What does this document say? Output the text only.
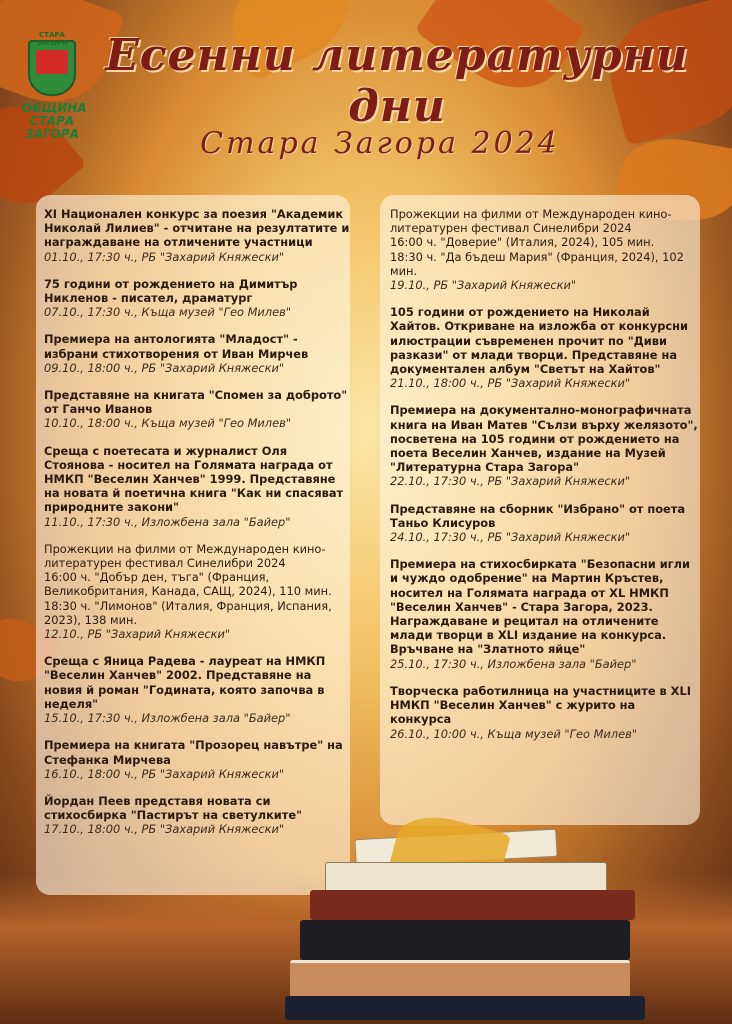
СТАРА ЗАГОРА
ОБЩИНА
СТАРА
ЗАГОРА
Есенни литературни дни
Стара Загора 2024
XI Национален конкурс за поезия "Академик Николай Лилиев" - отчитане на резултатите и награждаване на отличените участници
01.10., 17:30 ч., РБ "Захарий Княжески"
75 години от рождението на Димитър Никленов - писател, драматург
07.10., 17:30 ч., Къща музей "Гео Милев"
Премиера на антологията "Младост" - избрани стихотворения от Иван Мирчев
09.10., 18:00 ч., РБ "Захарий Княжески"
Представяне на книгата "Спомен за доброто" от Ганчо Иванов
10.10., 18:00 ч., Къща музей "Гео Милев"
Среща с поетесата и журналист Оля Стоянова - носител на Голямата награда от НМКП "Веселин Ханчев" 1999. Представяне на новата й поетична книга "Как ни спасяват природните закони"
11.10., 17:30 ч., Изложбена зала "Байер"
Прожекции на филми от Международен кино-литературен фестивал Синелибри 2024
16:00 ч. "Добър ден, тъга" (Франция, Великобритания, Канада, САЩ, 2024), 110 мин.
18:30 ч. "Лимонов" (Италия, Франция, Испания, 2023), 138 мин.
12.10., РБ "Захарий Княжески"
Среща с Яница Радева - лауреат на НМКП "Веселин Ханчев" 2002. Представяне на новия й роман "Годината, която започва в неделя"
15.10., 17:30 ч., Изложбена зала "Байер"
Премиера на книгата "Прозорец навътре" на Стефанка Мирчева
16.10., 18:00 ч., РБ "Захарий Княжески"
Йордан Пеев представя новата си стихосбирка "Пастирът на светулките"
17.10., 18:00 ч., РБ "Захарий Княжески"
Прожекции на филми от Международен кино-литературен фестивал Синелибри 2024
16:00 ч. "Доверие" (Италия, 2024), 105 мин.
18:30 ч. "Да бъдеш Мария" (Франция, 2024), 102 мин.
19.10., РБ "Захарий Княжески"
105 години от рождението на Николай Хайтов. Откриване на изложба от конкурсни илюстрации съвременен прочит по "Диви разкази" от млади творци. Представяне на документален албум "Светът на Хайтов"
21.10., 18:00 ч., РБ "Захарий Княжески"
Премиера на документално-монографичната книга на Иван Матев "Сълзи върху желязото", посветена на 105 години от рождението на поета Веселин Ханчев, издание на Музей "Литературна Стара Загора"
22.10., 17:30 ч., РБ "Захарий Княжески"
Представяне на сборник "Избрано" от поета Таньо Клисуров
24.10., 17:30 ч., РБ "Захарий Княжески"
Премиера на стихосбирката "Безопасни игли и чуждо одобрение" на Мартин Кръстев, носител на Голямата награда от XL НМКП "Веселин Ханчев" - Стара Загора, 2023. Награждаване и рецитал на отличените млади творци в XLI издание на конкурса. Връчване на "Златното яйце"
25.10., 17:30 ч., Изложбена зала "Байер"
Творческа работилница на участниците в XLI НМКП "Веселин Ханчев" с журито на конкурса
26.10., 10:00 ч., Къща музей "Гео Милев"
